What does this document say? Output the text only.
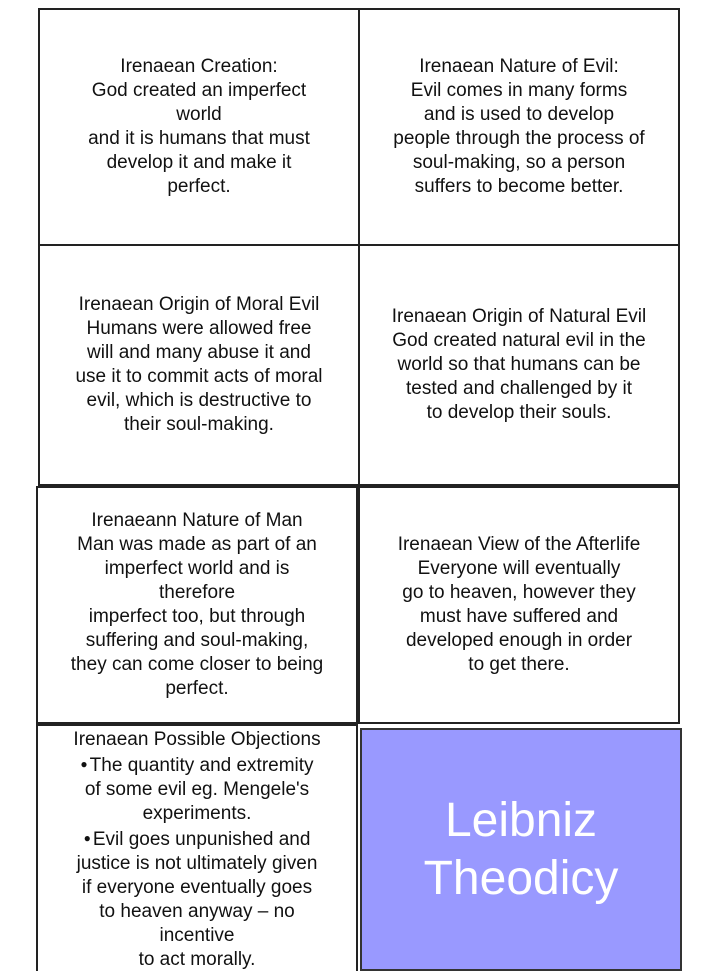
Irenaean Creation:
God created an imperfect
world
and it is humans that must
develop it and make it
perfect.
Irenaean Nature of Evil:
Evil comes in many forms
and is used to develop
people through the process of
soul-making, so a person
suffers to become better.
Irenaean Origin of Moral Evil
Humans were allowed free
will and many abuse it and
use it to commit acts of moral
evil, which is destructive to
their soul-making.
Irenaean Origin of Natural Evil
God created natural evil in the
world so that humans can be
tested and challenged by it
to develop their souls.
Irenaeann Nature of Man
Man was made as part of an
imperfect world and is
therefore
imperfect too, but through
suffering and soul-making,
they can come closer to being
perfect.
Irenaean View of the Afterlife
Everyone will eventually
go to heaven, however they
must have suffered and
developed enough in order
to get there.
Irenaean Possible Objections
● The quantity and extremity
of some evil eg. Mengele's
experiments.
● Evil goes unpunished and
justice is not ultimately given
if everyone eventually goes
to heaven anyway – no
incentive
to act morally.
Leibniz
Theodicy
